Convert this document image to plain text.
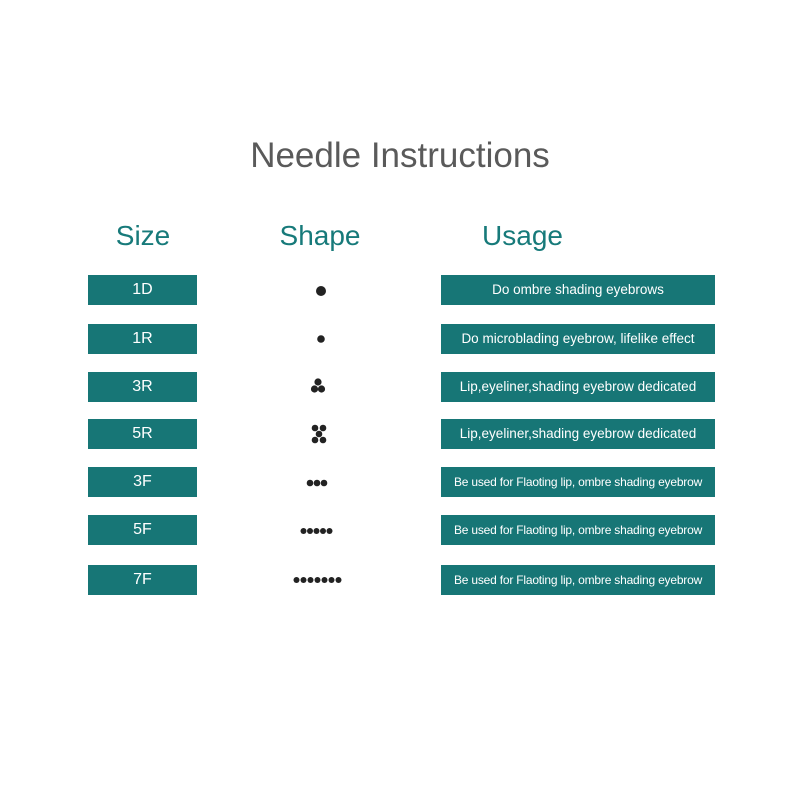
Needle Instructions
Size	Shape	Usage
1D	Do ombre shading eyebrows
1R	Do microblading eyebrow, lifelike effect
3R	Lip,eyeliner,shading eyebrow dedicated
5R	Lip,eyeliner,shading eyebrow dedicated
3F	Be used for Flaoting lip, ombre shading eyebrow
5F	Be used for Flaoting lip, ombre shading eyebrow
7F	Be used for Flaoting lip, ombre shading eyebrow
